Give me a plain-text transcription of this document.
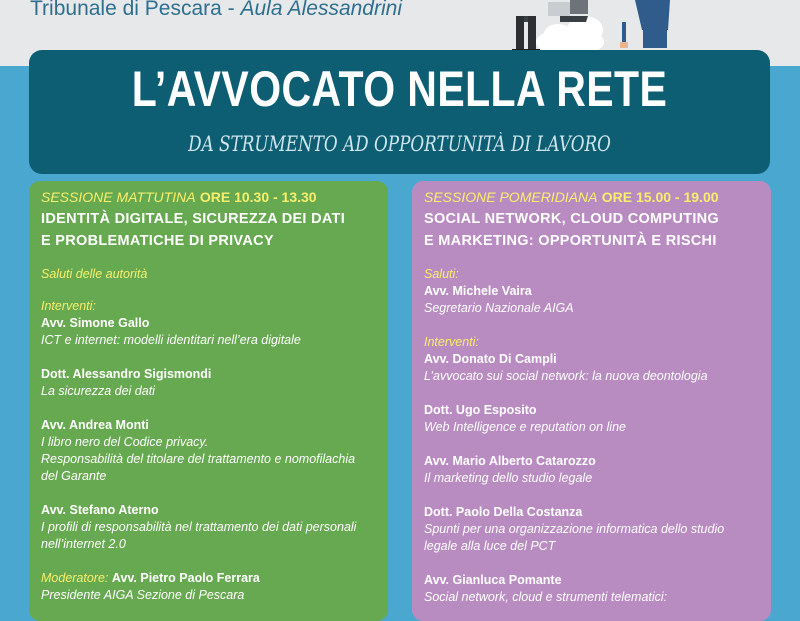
Tribunale di Pescara - Aula Alessandrini
L’AVVOCATO NELLA RETE
DA STRUMENTO AD OPPORTUNITÀ DI LAVORO
SESSIONE MATTUTINA ORE 10.30 - 13.30
IDENTITÀ DIGITALE, SICUREZZA DEI DATI
E PROBLEMATICHE DI PRIVACY
Saluti delle autorità
Interventi:
Avv. Simone Gallo
ICT e internet: modelli identitari nell’era digitale
Dott. Alessandro Sigismondi
La sicurezza dei dati
Avv. Andrea Monti
I libro nero del Codice privacy.
Responsabilità del titolare del trattamento e nomofilachia
del Garante
Avv. Stefano Aterno
I profili di responsabilità nel trattamento dei dati personali
nell’internet 2.0
Moderatore: Avv. Pietro Paolo Ferrara
Presidente AIGA Sezione di Pescara
SESSIONE POMERIDIANA ORE 15.00 - 19.00
SOCIAL NETWORK, CLOUD COMPUTING
E MARKETING: OPPORTUNITÀ E RISCHI
Saluti:
Avv. Michele Vaira
Segretario Nazionale AIGA
Interventi:
Avv. Donato Di Campli
L’avvocato sui social network: la nuova deontologia
Dott. Ugo Esposito
Web Intelligence e reputation on line
Avv. Mario Alberto Catarozzo
Il marketing dello studio legale
Dott. Paolo Della Costanza
Spunti per una organizzazione informatica dello studio
legale alla luce del PCT
Avv. Gianluca Pomante
Social network, cloud e strumenti telematici:
